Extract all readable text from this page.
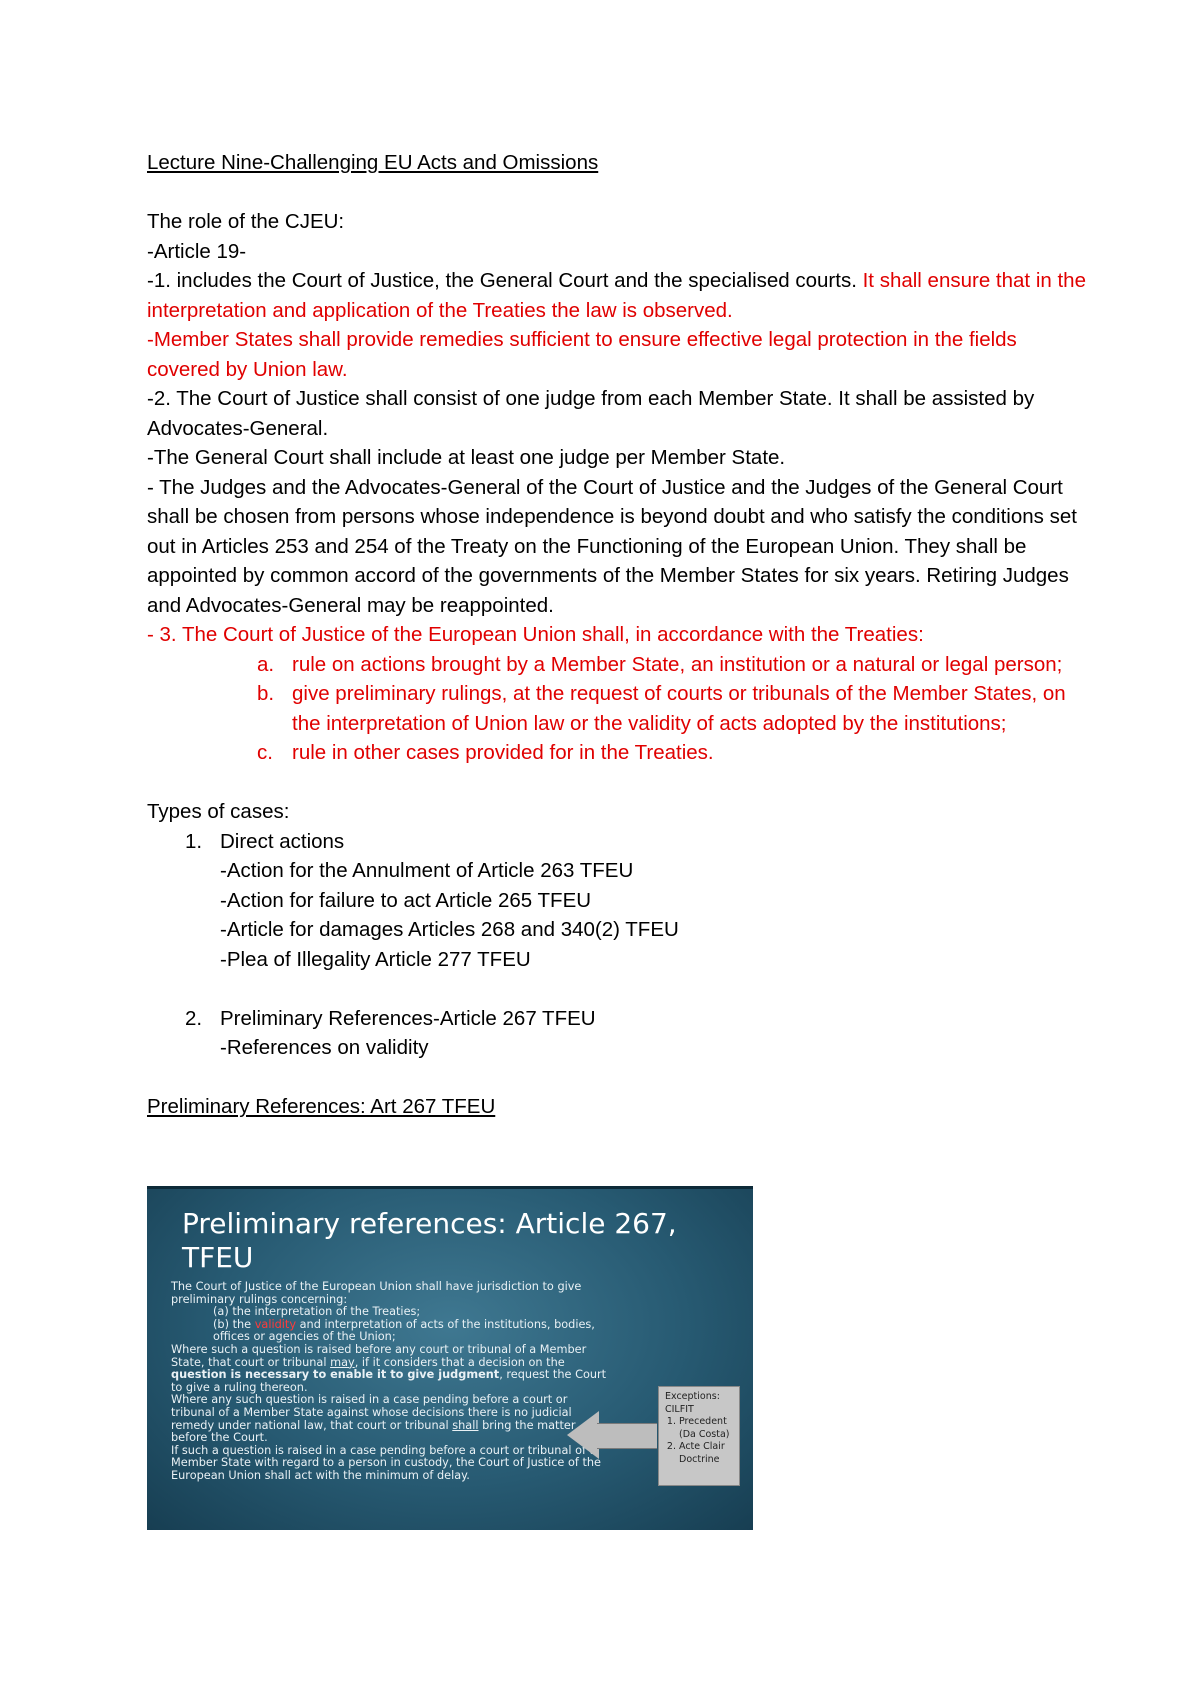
Lecture Nine-Challenging EU Acts and Omissions

The role of the CJEU:

-Article 19-

-1. includes the Court of Justice, the General Court and the specialised courts. It shall ensure that in the interpretation and application of the Treaties the law is observed.

-Member States shall provide remedies sufficient to ensure effective legal protection in the fields covered by Union law.

-2. The Court of Justice shall consist of one judge from each Member State. It shall be assisted by Advocates-General.

-The General Court shall include at least one judge per Member State.

- The Judges and the Advocates-General of the Court of Justice and the Judges of the General Court shall be chosen from persons whose independence is beyond doubt and who satisfy the conditions set out in Articles 253 and 254 of the Treaty on the Functioning of the European Union. They shall be appointed by common accord of the governments of the Member States for six years. Retiring Judges and Advocates-General may be reappointed.

- 3. The Court of Justice of the European Union shall, in accordance with the Treaties:

a. rule on actions brought by a Member State, an institution or a natural or legal person;
b. give preliminary rulings, at the request of courts or tribunals of the Member States, on the interpretation of Union law or the validity of acts adopted by the institutions;
c. rule in other cases provided for in the Treaties.

Types of cases:

1. Direct actions

-Action for the Annulment of Article 263 TFEU

-Action for failure to act Article 265 TFEU

-Article for damages Articles 268 and 340(2) TFEU

-Plea of Illegality Article 277 TFEU

2. Preliminary References-Article 267 TFEU

-References on validity

Preliminary References: Art 267 TFEU

Preliminary references: Article 267, TFEU
The Court of Justice of the European Union shall have jurisdiction to give preliminary rulings concerning:
(a) the interpretation of the Treaties;
(b) the validity and interpretation of acts of the institutions, bodies, offices or agencies of the Union;
Where such a question is raised before any court or tribunal of a Member State, that court or tribunal may, if it considers that a decision on the question is necessary to enable it to give judgment, request the Court to give a ruling thereon.
Where any such question is raised in a case pending before a court or tribunal of a Member State against whose decisions there is no judicial remedy under national law, that court or tribunal shall bring the matter before the Court.
If such a question is raised in a case pending before a court or tribunal of a Member State with regard to a person in custody, the Court of Justice of the European Union shall act with the minimum of delay.
Exceptions: CILFIT
1. Precedent (Da Costa)
2. Acte Clair Doctrine
